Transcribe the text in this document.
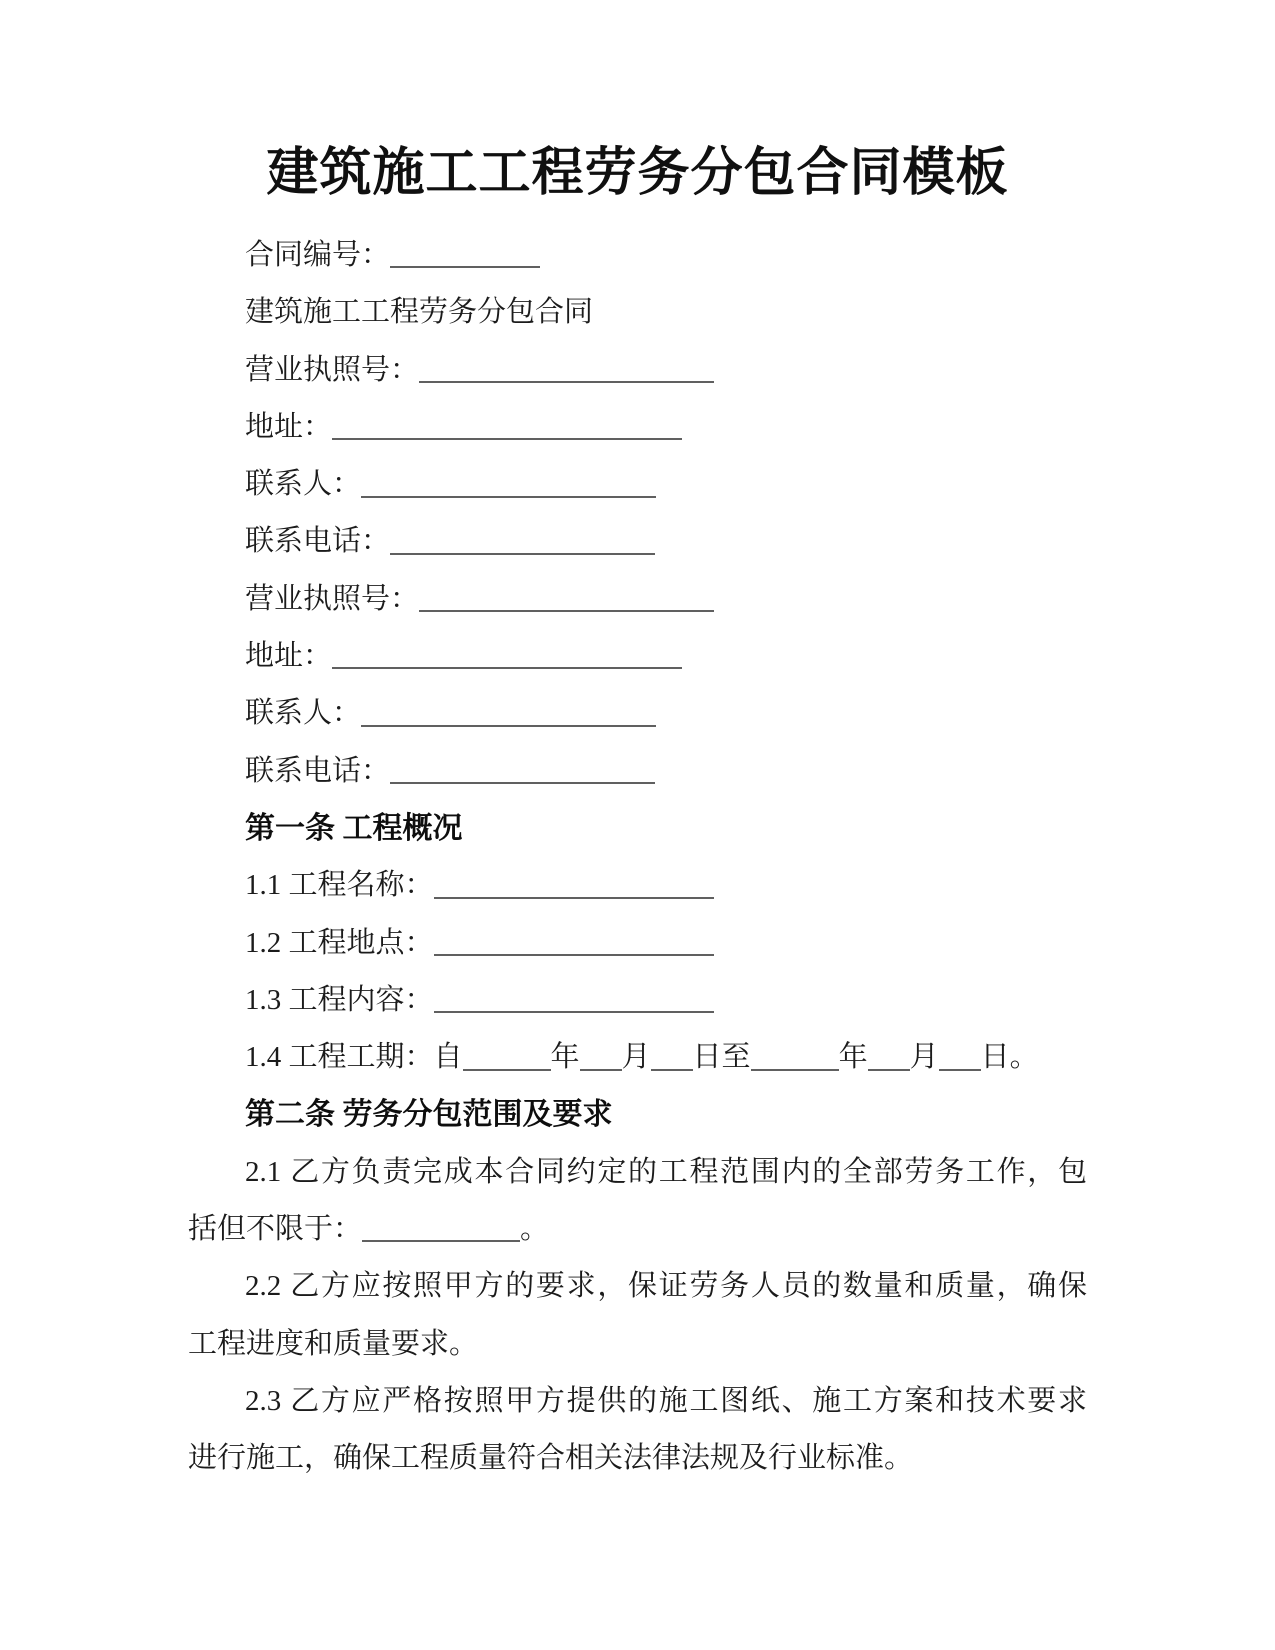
建筑施工工程劳务分包合同模板
合同编号：
建筑施工工程劳务分包合同
营业执照号：
地址：
联系人：
联系电话：
营业执照号：
地址：
联系人：
联系电话：
第一条 工程概况
1.1 工程名称：
1.2 工程地点：
1.3 工程内容：
1.4 工程工期：自	年 月 日至	年 月 日。
第二条 劳务分包范围及要求
2.1 乙方负责完成本合同约定的工程范围内的全部劳务工作，包
括但不限于：	。
2.2 乙方应按照甲方的要求，保证劳务人员的数量和质量，确保
工程进度和质量要求。
2.3 乙方应严格按照甲方提供的施工图纸、施工方案和技术要求
进行施工，确保工程质量符合相关法律法规及行业标准。
